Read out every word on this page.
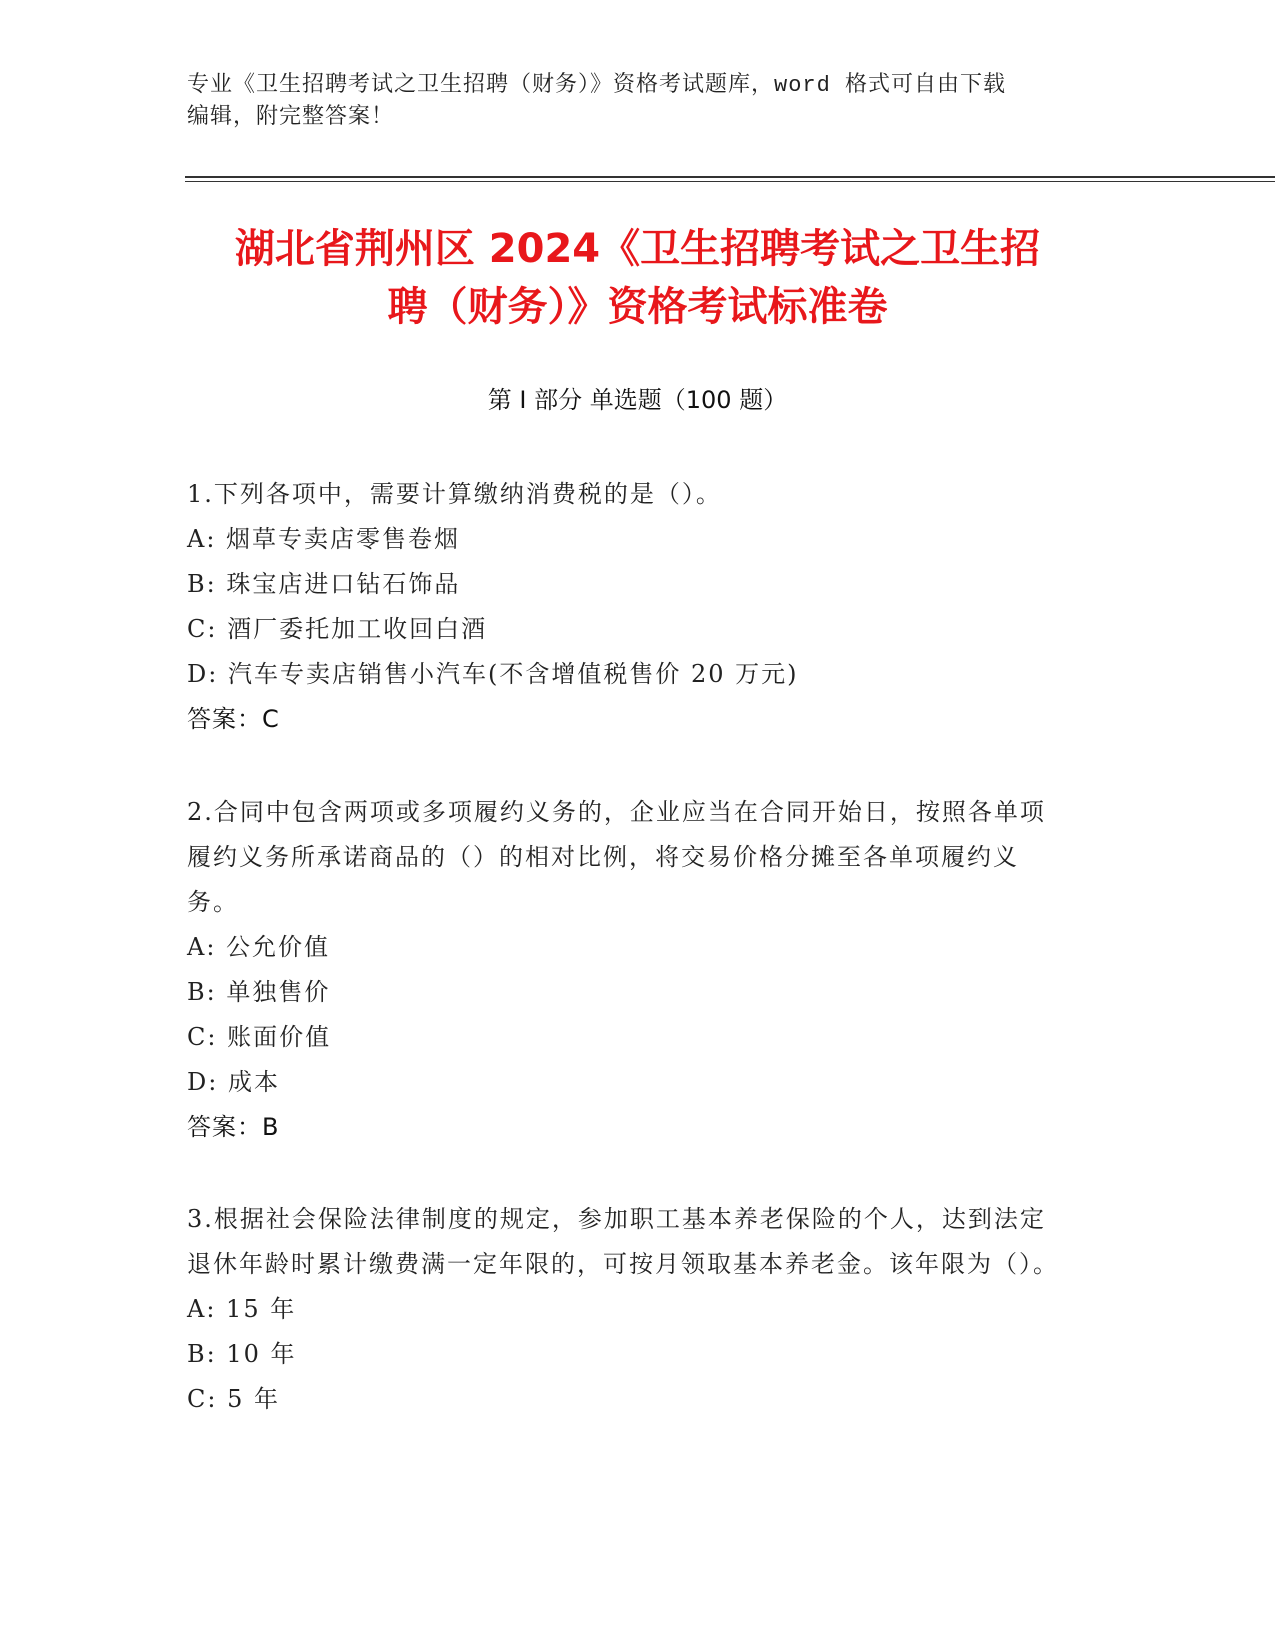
专业《卫生招聘考试之卫生招聘（财务）》资格考试题库，word 格式可自由下载
编辑，附完整答案！
湖北省荆州区 2024《卫生招聘考试之卫生招
聘（财务）》资格考试标准卷
第 I 部分 单选题（100 题）
1.下列各项中，需要计算缴纳消费税的是（）。
A: 烟草专卖店零售卷烟
B: 珠宝店进口钻石饰品
C: 酒厂委托加工收回白酒
D: 汽车专卖店销售小汽车(不含增值税售价 20 万元)
答案：C
2.合同中包含两项或多项履约义务的，企业应当在合同开始日，按照各单项履约义务所承诺商品的（）的相对比例，将交易价格分摊至各单项履约义务。
A: 公允价值
B: 单独售价
C: 账面价值
D: 成本
答案：B
3.根据社会保险法律制度的规定，参加职工基本养老保险的个人，达到法定退休年龄时累计缴费满一定年限的，可按月领取基本养老金。该年限为（）。
A: 15 年
B: 10 年
C: 5 年
